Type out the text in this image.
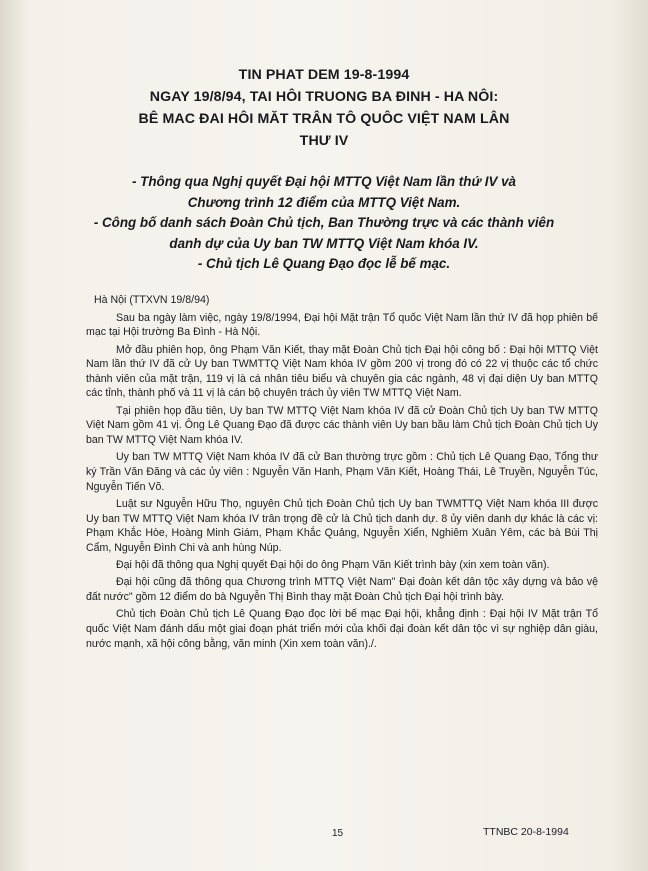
TIN PHAT DEM 19-8-1994
NGAY 19/8/94, TAI HÔI TRUONG BA ĐINH - HA NÔI:
BÊ MAC ĐAI HÔI MĂT TRÂN TÔ QUÔC VIỆT NAM LÂN
THƯ IV
- Thông qua Nghị quyết Đại hội MTTQ Việt Nam lần thứ IV và
Chương trình 12 điểm của MTTQ Việt Nam.
- Công bố danh sách Đoàn Chủ tịch, Ban Thường trực và các thành viên
danh dự của Uy ban TW MTTQ Việt Nam khóa IV.
- Chủ tịch Lê Quang Đạo đọc lễ bế mạc.

Hà Nội (TTXVN 19/8/94)

Sau ba ngày làm việc, ngày 19/8/1994, Đại hội Mặt trận Tổ quốc Việt Nam lần thứ IV đã họp phiên bế mạc tại Hội trường Ba Đình - Hà Nội.

Mở đầu phiên họp, ông Phạm Văn Kiết, thay mặt Đoàn Chủ tịch Đại hội công bố : Đại hội MTTQ Việt Nam lần thứ IV đã cử Uy ban TWMTTQ Việt Nam khóa IV gồm 200 vị trong đó có 22 vị thuộc các tổ chức thành viên của mặt trận, 119 vị là cá nhân tiêu biểu và chuyên gia các ngành, 48 vị đại diện Uy ban MTTQ các tỉnh, thành phố và 11 vị là cán bộ chuyên trách ủy viên TW MTTQ Việt Nam.

Tại phiên họp đầu tiên, Uy ban TW MTTQ Việt Nam khóa IV đã cử Đoàn Chủ tịch Uy ban TW MTTQ Việt Nam gồm 41 vị. Ông Lê Quang Đạo đã được các thành viên Uy ban bầu làm Chủ tịch Đoàn Chủ tịch Uy ban TW MTTQ Việt Nam khóa IV.

Uy ban TW MTTQ Việt Nam khóa IV đã cử Ban thường trực gồm : Chủ tịch Lê Quang Đạo, Tổng thư ký Trần Văn Đăng và các ủy viên : Nguyễn Văn Hanh, Phạm Văn Kiết, Hoàng Thái, Lê Truyền, Nguyễn Túc, Nguyễn Tiến Võ.

Luật sư Nguyễn Hữu Thọ, nguyên Chủ tịch Đoàn Chủ tịch Uy ban TWMTTQ Việt Nam khóa III được Uy ban TW MTTQ Việt Nam khóa IV trân trọng đề cử là Chủ tịch danh dự. 8 ủy viên danh dự khác là các vị: Phạm Khắc Hòe, Hoàng Minh Giám, Phạm Khắc Quảng, Nguyễn Xiển, Nghiêm Xuân Yêm, các bà Bùi Thị Cẩm, Nguyễn Đình Chi và anh hùng Núp.

Đại hội đã thông qua Nghị quyết Đại hội do ông Phạm Văn Kiết trình bày (xin xem toàn văn).

Đại hội cũng đã thông qua Chương trình MTTQ Việt Nam" Đại đoàn kết dân tộc xây dựng và bảo vệ đất nước" gồm 12 điểm do bà Nguyễn Thị Bình thay mặt Đoàn Chủ tịch Đại hội trình bày.

Chủ tịch Đoàn Chủ tịch Lê Quang Đạo đọc lời bế mạc Đại hội, khẳng định : Đại hội IV Mặt trận Tổ quốc Việt Nam đánh dấu một giai đoạn phát triển mới của khối đại đoàn kết dân tộc vì sự nghiệp dân giàu, nước mạnh, xã hội công bằng, văn minh (Xin xem toàn văn)./.

15	TTNBC 20-8-1994
